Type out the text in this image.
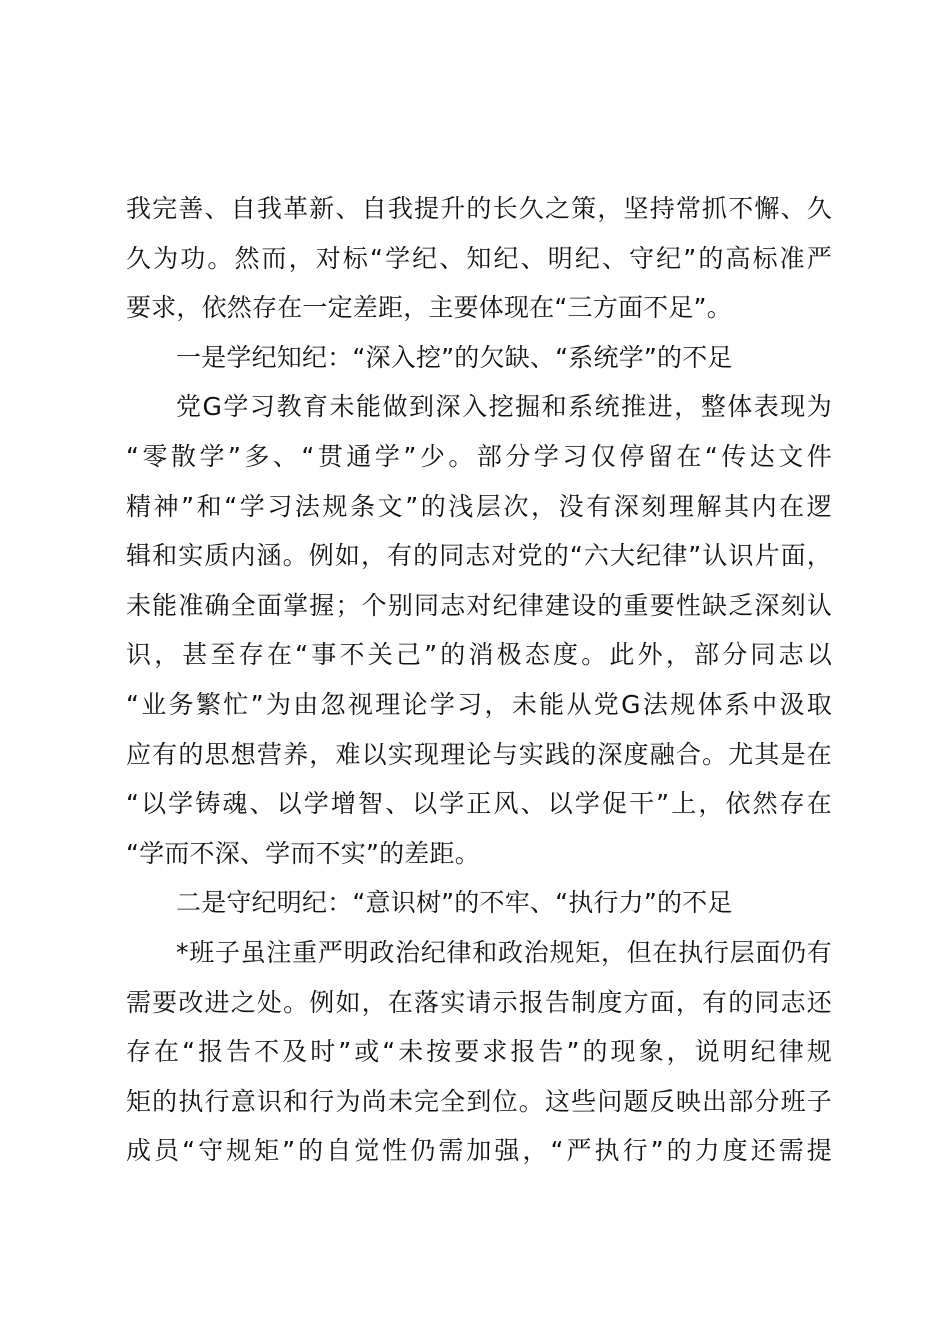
我完善、自我革新、自我提升的长久之策，坚持常抓不懈、久
久为功。然而，对标“学纪、知纪、明纪、守纪”的高标准严
要求，依然存在一定差距，主要体现在“三方面不足”。
一是学纪知纪：“深入挖”的欠缺、“系统学”的不足
党G学习教育未能做到深入挖掘和系统推进，整体表现为
“零散学”多、“贯通学”少。部分学习仅停留在“传达文件
精神”和“学习法规条文”的浅层次，没有深刻理解其内在逻
辑和实质内涵。例如，有的同志对党的“六大纪律”认识片面，
未能准确全面掌握；个别同志对纪律建设的重要性缺乏深刻认
识，甚至存在“事不关己”的消极态度。此外，部分同志以
“业务繁忙”为由忽视理论学习，未能从党G法规体系中汲取
应有的思想营养，难以实现理论与实践的深度融合。尤其是在
“以学铸魂、以学增智、以学正风、以学促干”上，依然存在
“学而不深、学而不实”的差距。
二是守纪明纪：“意识树”的不牢、“执行力”的不足
*班子虽注重严明政治纪律和政治规矩，但在执行层面仍有
需要改进之处。例如，在落实请示报告制度方面，有的同志还
存在“报告不及时”或“未按要求报告”的现象，说明纪律规
矩的执行意识和行为尚未完全到位。这些问题反映出部分班子
成员“守规矩”的自觉性仍需加强，“严执行”的力度还需提
